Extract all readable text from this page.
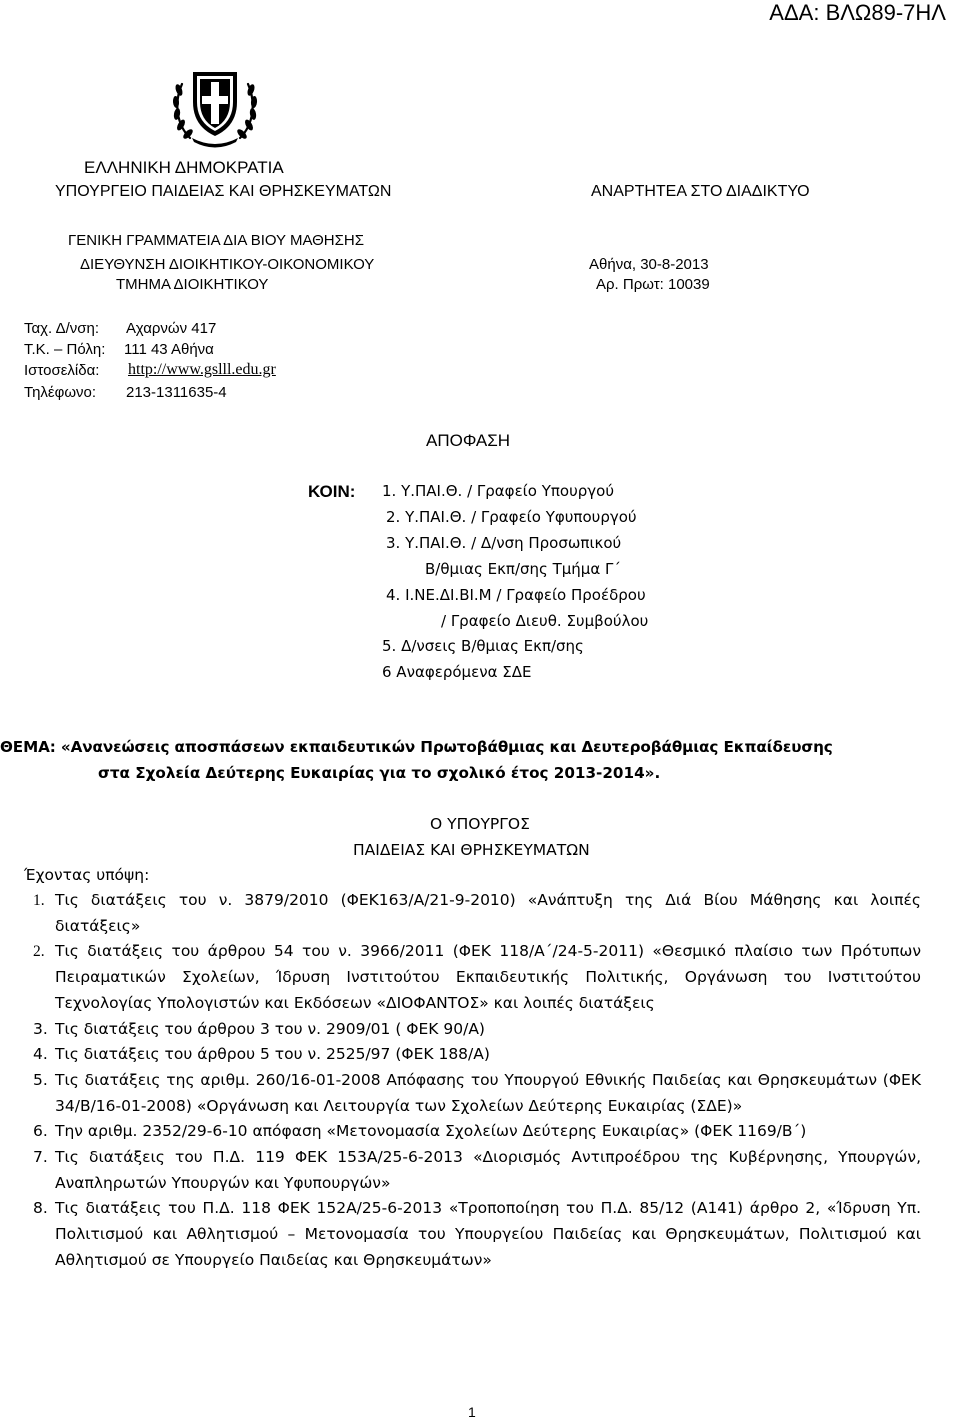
ΑΔΑ: ΒΛΩ89-7ΗΛ
ΕΛΛΗΝΙΚΗ ΔΗΜΟΚΡΑΤΙΑ
ΥΠΟΥΡΓΕΙΟ ΠΑΙΔΕΙΑΣ ΚΑΙ ΘΡΗΣΚΕΥΜΑΤΩΝ	ΑΝΑΡΤΗΤΕΑ ΣΤΟ ΔΙΑΔΙΚΤΥΟ
ΓΕΝΙΚΗ ΓΡΑΜΜΑΤΕΙΑ ΔΙΑ ΒΙΟΥ ΜΑΘΗΣΗΣ
ΔΙΕΥΘΥΝΣΗ ΔΙΟΙΚΗΤΙΚΟΥ-ΟΙΚΟΝΟΜΙΚΟΥ
ΤΜΗΜΑ ΔΙΟΙΚΗΤΙΚΟΥ
Αθήνα, 30-8-2013
Αρ. Πρωτ: 10039
Ταχ. Δ/νση: Αχαρνών 417
Τ.Κ. – Πόλη: 111 43 Αθήνα
Ιστοσελίδα: http://www.gslll.edu.gr
Τηλέφωνο: 213-1311635-4
ΑΠΟΦΑΣΗ
ΚΟΙΝ: 1. Υ.ΠΑΙ.Θ. / Γραφείο Υπουργού
2. Υ.ΠΑΙ.Θ. / Γραφείο Υφυπουργού
3. Υ.ΠΑΙ.Θ. / Δ/νση Προσωπικού
Β/θμιας Εκπ/σης Τμήμα Γ΄
4. Ι.ΝΕ.ΔΙ.ΒΙ.Μ / Γραφείο Προέδρου
/ Γραφείο Διευθ. Συμβούλου
5. Δ/νσεις Β/θμιας Εκπ/σης
6 Αναφερόμενα ΣΔΕ
ΘΕΜΑ: «Ανανεώσεις αποσπάσεων εκπαιδευτικών Πρωτοβάθμιας και Δευτεροβάθμιας Εκπαίδευσης
στα Σχολεία Δεύτερης Ευκαιρίας για το σχολικό έτος 2013-2014».
Ο ΥΠΟΥΡΓΟΣ
ΠΑΙΔΕΙΑΣ ΚΑΙ ΘΡΗΣΚΕΥΜΑΤΩΝ
Έχοντας υπόψη:
1. Τις διατάξεις του ν. 3879/2010 (ΦΕΚ163/Α/21-9-2010) «Ανάπτυξη της Διά Βίου Μάθησης και λοιπές διατάξεις»
2. Τις διατάξεις του άρθρου 54 του ν. 3966/2011 (ΦΕΚ 118/Α΄/24-5-2011) «Θεσμικό πλαίσιο των Πρότυπων Πειραματικών Σχολείων, Ίδρυση Ινστιτούτου Εκπαιδευτικής Πολιτικής, Οργάνωση του Ινστιτούτου Τεχνολογίας Υπολογιστών και Εκδόσεων «ΔΙΟΦΑΝΤΟΣ» και λοιπές διατάξεις
3. Τις διατάξεις του άρθρου 3 του ν. 2909/01 ( ΦΕΚ 90/Α)
4. Τις διατάξεις του άρθρου 5 του ν. 2525/97 (ΦΕΚ 188/Α)
5. Τις διατάξεις της αριθμ. 260/16-01-2008 Απόφασης του Υπουργού Εθνικής Παιδείας και Θρησκευμάτων (ΦΕΚ 34/Β/16-01-2008) «Οργάνωση και Λειτουργία των Σχολείων Δεύτερης Ευκαιρίας (ΣΔΕ)»
6. Την αριθμ. 2352/29-6-10 απόφαση «Μετονομασία Σχολείων Δεύτερης Ευκαιρίας» (ΦΕΚ 1169/Β΄)
7. Τις διατάξεις του Π.Δ. 119 ΦΕΚ 153Α/25-6-2013 «Διορισμός Αντιπροέδρου της Κυβέρνησης, Υπουργών, Αναπληρωτών Υπουργών και Υφυπουργών»
8. Τις διατάξεις του Π.Δ. 118 ΦΕΚ 152Α/25-6-2013 «Τροποποίηση του Π.Δ. 85/12 (Α141) άρθρο 2, «Ίδρυση Υπ. Πολιτισμού και Αθλητισμού – Μετονομασία του Υπουργείου Παιδείας και Θρησκευμάτων, Πολιτισμού και Αθλητισμού σε Υπουργείο Παιδείας και Θρησκευμάτων»
1
